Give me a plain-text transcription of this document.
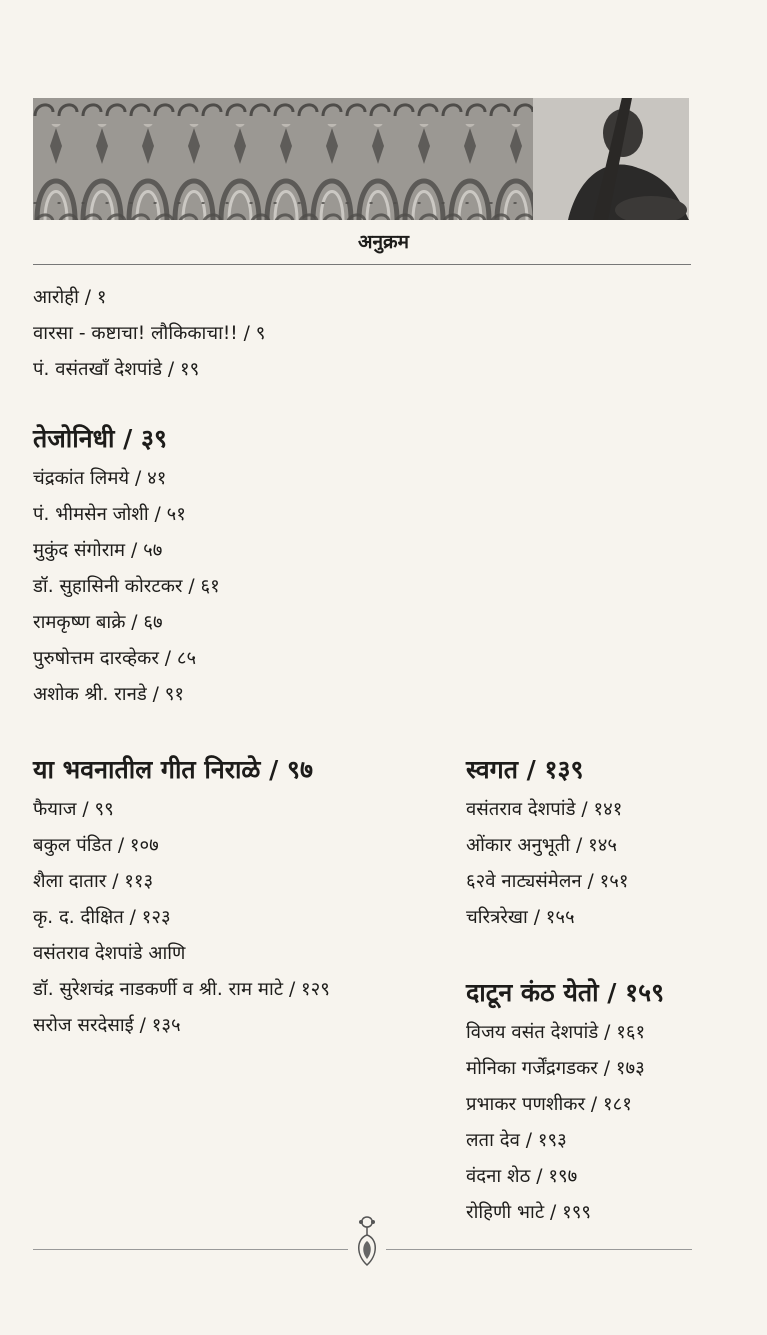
अनुक्रम
आरोही / १
वारसा - कष्टाचा! लौकिकाचा!! / ९
पं. वसंतखाँ देशपांडे / १९
तेजोनिधी / ३९
चंद्रकांत लिमये / ४१
पं. भीमसेन जोशी / ५१
मुकुंद संगोराम / ५७
डॉ. सुहासिनी कोरटकर / ६१
रामकृष्ण बाक्रे / ६७
पुरुषोत्तम दारव्हेकर / ८५
अशोक श्री. रानडे / ९१
या भवनातील गीत निराळे / ९७
फैयाज / ९९
बकुल पंडित / १०७
शैला दातार / ११३
कृ. द. दीक्षित / १२३
वसंतराव देशपांडे आणि
डॉ. सुरेशचंद्र नाडकर्णी व श्री. राम माटे / १२९
सरोज सरदेसाई / १३५
स्वगत / १३९
वसंतराव देशपांडे / १४१
ओंकार अनुभूती / १४५
६२वे नाट्यसंमेलन / १५१
चरित्ररेखा / १५५
दाटून कंठ येतो / १५९
विजय वसंत देशपांडे / १६१
मोनिका गर्जेंद्रगडकर / १७३
प्रभाकर पणशीकर / १८१
लता देव / १९३
वंदना शेठ / १९७
रोहिणी भाटे / १९९
